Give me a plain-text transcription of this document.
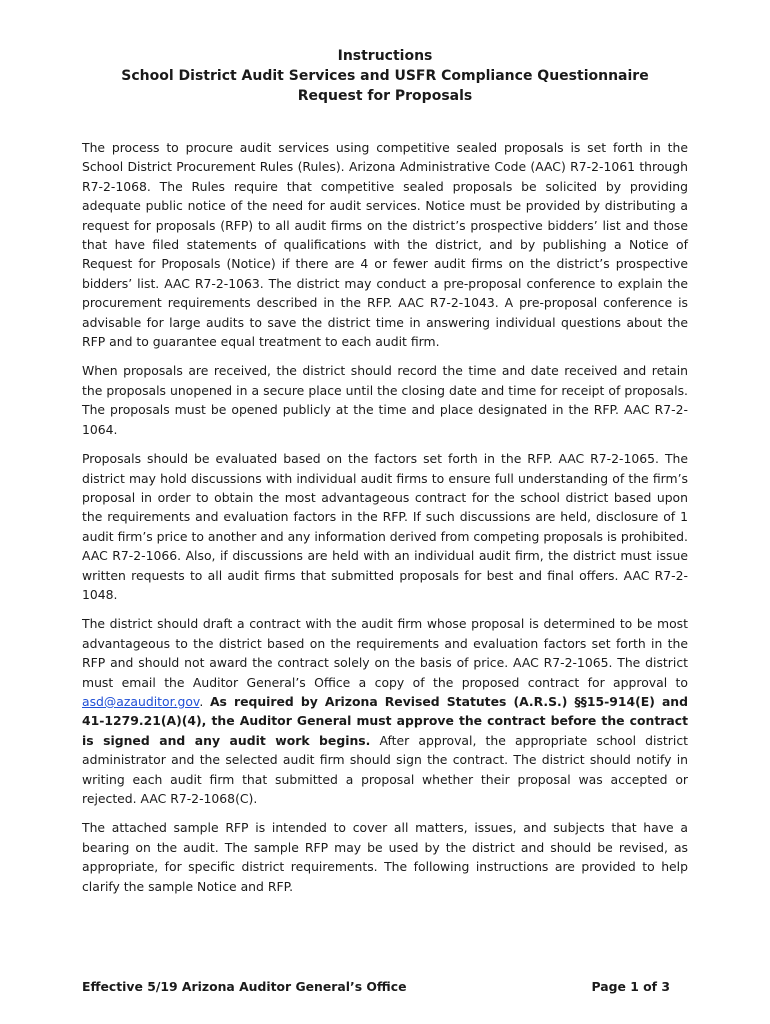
Instructions
School District Audit Services and USFR Compliance Questionnaire
Request for Proposals

The process to procure audit services using competitive sealed proposals is set forth in the School District Procurement Rules (Rules). Arizona Administrative Code (AAC) R7-2-1061 through R7-2-1068. The Rules require that competitive sealed proposals be solicited by providing adequate public notice of the need for audit services. Notice must be provided by distributing a request for proposals (RFP) to all audit firms on the district’s prospective bidders’ list and those that have filed statements of qualifications with the district, and by publishing a Notice of Request for Proposals (Notice) if there are 4 or fewer audit firms on the district’s prospective bidders’ list. AAC R7-2-1063. The district may conduct a pre-proposal conference to explain the procurement requirements described in the RFP. AAC R7-2-1043. A pre-proposal conference is advisable for large audits to save the district time in answering individual questions about the RFP and to guarantee equal treatment to each audit firm.

When proposals are received, the district should record the time and date received and retain the proposals unopened in a secure place until the closing date and time for receipt of proposals. The proposals must be opened publicly at the time and place designated in the RFP. AAC R7-2-1064.

Proposals should be evaluated based on the factors set forth in the RFP. AAC R7-2-1065. The district may hold discussions with individual audit firms to ensure full understanding of the firm’s proposal in order to obtain the most advantageous contract for the school district based upon the requirements and evaluation factors in the RFP. If such discussions are held, disclosure of 1 audit firm’s price to another and any information derived from competing proposals is prohibited. AAC R7-2-1066. Also, if discussions are held with an individual audit firm, the district must issue written requests to all audit firms that submitted proposals for best and final offers. AAC R7-2-1048.

The district should draft a contract with the audit firm whose proposal is determined to be most advantageous to the district based on the requirements and evaluation factors set forth in the RFP and should not award the contract solely on the basis of price. AAC R7-2-1065. The district must email the Auditor General’s Office a copy of the proposed contract for approval to asd@azauditor.gov. As required by Arizona Revised Statutes (A.R.S.) §§15-914(E) and 41-1279.21(A)(4), the Auditor General must approve the contract before the contract is signed and any audit work begins. After approval, the appropriate school district administrator and the selected audit firm should sign the contract. The district should notify in writing each audit firm that submitted a proposal whether their proposal was accepted or rejected. AAC R7-2-1068(C).

The attached sample RFP is intended to cover all matters, issues, and subjects that have a bearing on the audit. The sample RFP may be used by the district and should be revised, as appropriate, for specific district requirements. The following instructions are provided to help clarify the sample Notice and RFP.

Effective 5/19 Arizona Auditor General’s Office	Page 1 of 3
